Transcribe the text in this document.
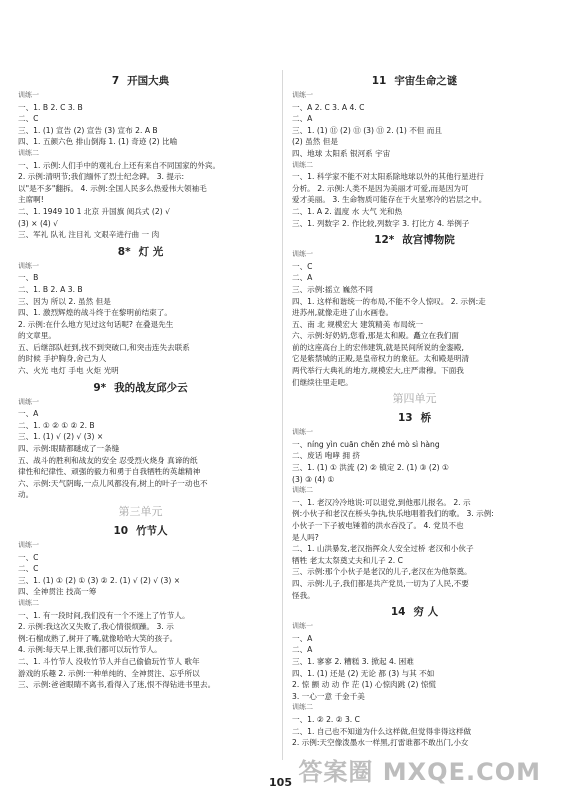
7 开国大典
训练一
一、1. B 2. C 3. B
二、C
三、1. (1) 宣告 (2) 宣告 (3) 宣布 2. A B
四、1. 五颜六色 排山倒海 1. (1) 奇迹 (2) 比喻
训练二
一、1. 示例:人们手中的观礼台上还有来自不同国家的外宾。
2. 示例:清明节;我们缅怀了烈士纪念碑。 3. 提示:
以"是不多"翻拆。 4. 示例:全国人民多么热爱伟大领袖毛
主席啊!
二、1. 1949 10 1 北京 升国旗 阅兵式 (2) √
(3) × (4) √
三、军礼 队礼 注目礼 文艰辛进行曲 一 肉
8* 灯 光
训练一
一、B
二、1. B 2. A 3. B
三、因为 所以 2. 虽然 但是
四、1. 激烈辉煌的战斗终于在黎明前结束了。
2. 示例:在什么地方见过这句话呢? 在叠退先生
的文章里。
五、后继部队赶到,找不到突破口,和突击连失去联系
的时候 手护胸身,舍己为人
六、火光 电灯 手电 火炬 光明
9* 我的战友邱少云
训练一
一、A
二、1. ① ② ① ② 2. B
三、1. (1) √ (2) √ (3) ×
四、示例:眼睛都瞇成了一条缝
五、战斗的胜利和战友的安全 忍受烈火烧身 真谛的纸
律性和纪律性、顽强的毅力和勇于自我牺牲的英雄精神
六、示例:天气阴晦,一点儿风都没有,树上的叶子一动也不
动。
第三单元
10 竹节人
训练一
一、C
二、C
三、1. (1) ① (2) ① (3) ② 2. (1) √ (2) √ (3) ×
四、全神贯注 技高一筹
训练二
一、1. 有一段时间,我们没有一个不迷上了竹节人。
2. 示例:我这次又失败了,我心情很烦躁。 3. 示
例:石榴成熟了,树开了嘴,就像哈哈大笑的孩子。
4. 示例:每天早上课,我们都可以玩竹节人。
二、1. 斗竹节人 没收竹节人并自己偷偷玩竹节人 歌年
游戏的乐趣 2. 示例:一种单纯的、全神贯注、忘乎所以
三、示例:爸爸眼睛不离书,看得入了迷,恨不得钻进书里去。
11 宇宙生命之谜
训练一
一、A 2. C 3. A 4. C
二、A
三、1. (1) ⑪ (2) ⑪ (3) ⑪ 2. (1) 不但 而且
(2) 虽然 但是
四、地球 太阳系 银河系 宇宙
训练二
一、1. 科学家不能不对太阳系除地球以外的其他行星进行
分析。 2. 示例:人类不是因为美丽才可爱,而是因为可
爱才美丽。 3. 生命物质可能存在于火星寒冷的岩层之中。
二、1. A 2. 温度 水 大气 光和热
三、1. 列数字 2. 作比较,列数字 3. 打比方 4. 举例子
12* 故宫博物院
训练一
一、C
二、A
三、示例:摇立 巍然不同
四、1. 这样和谐统一的布局,不能不令人惊叹。 2. 示例:走
进苏州,就像走进了山水画卷。
五、南 北 规模宏大 建筑精美 布局统一
六、示例:好奶奶,您看,那是太和殿。矗立在我们面
前的这座高台上的宏伟建筑,就是民间所说的金銮殿,
它是紫禁城的正殿,是皇帝权力的象征。太和殿是明清
两代举行大典礼的地方,规模宏大,庄严肃穆。下面我
们继续往里走吧。
第四单元
13 桥
训练一
一、níng yìn cuān chěn zhé mò sì hàng
二、废话 咆哮 拥 挤
三、1. (1) ① 洪流 (2) ② 镇定 2. (1) ③ (2) ①
(3) ③ (4) ①
训练二
一、1. 老汉冷冷地说:可以退党,到他那儿报名。 2. 示
例:小伙子和老汉在桥头争执,快乐地唱着我们的歌。 3. 示例:
小伙子一下子被电锤着的洪水吞没了。 4. 党员不也
是人吗?
二、1. 山洪暴发,老汉指挥众人安全过桥 老汉和小伙子
牺牲 老太太祭奠丈夫和儿子 2. C
三、示例:那个小伙子是老汉的儿子,老汉在为他祭奠。
四、示例:儿子,我们都是共产党员,一切为了人民,不要
怪我。
14 穷 人
训练一
一、A
二、A
三、1. 寥寥 2. 糟糕 3. 掀起 4. 困难
四、1. (1) 还是 (2) 无论 都 (3) 与其 不如
2. 惊 颤 动 动 作 茫 (1) 心惊肉跳 (2) 惊慌
3. 一心一意 千金千美
训练二
一、1. ② 2. ② 3. C
二、1. 自己也不知道为什么这样做,但觉得非得这样做
2. 示例:天空像泼墨水一样黑,打雷谁都不敢出门,小女
105 答案圈 MXQE.COM
